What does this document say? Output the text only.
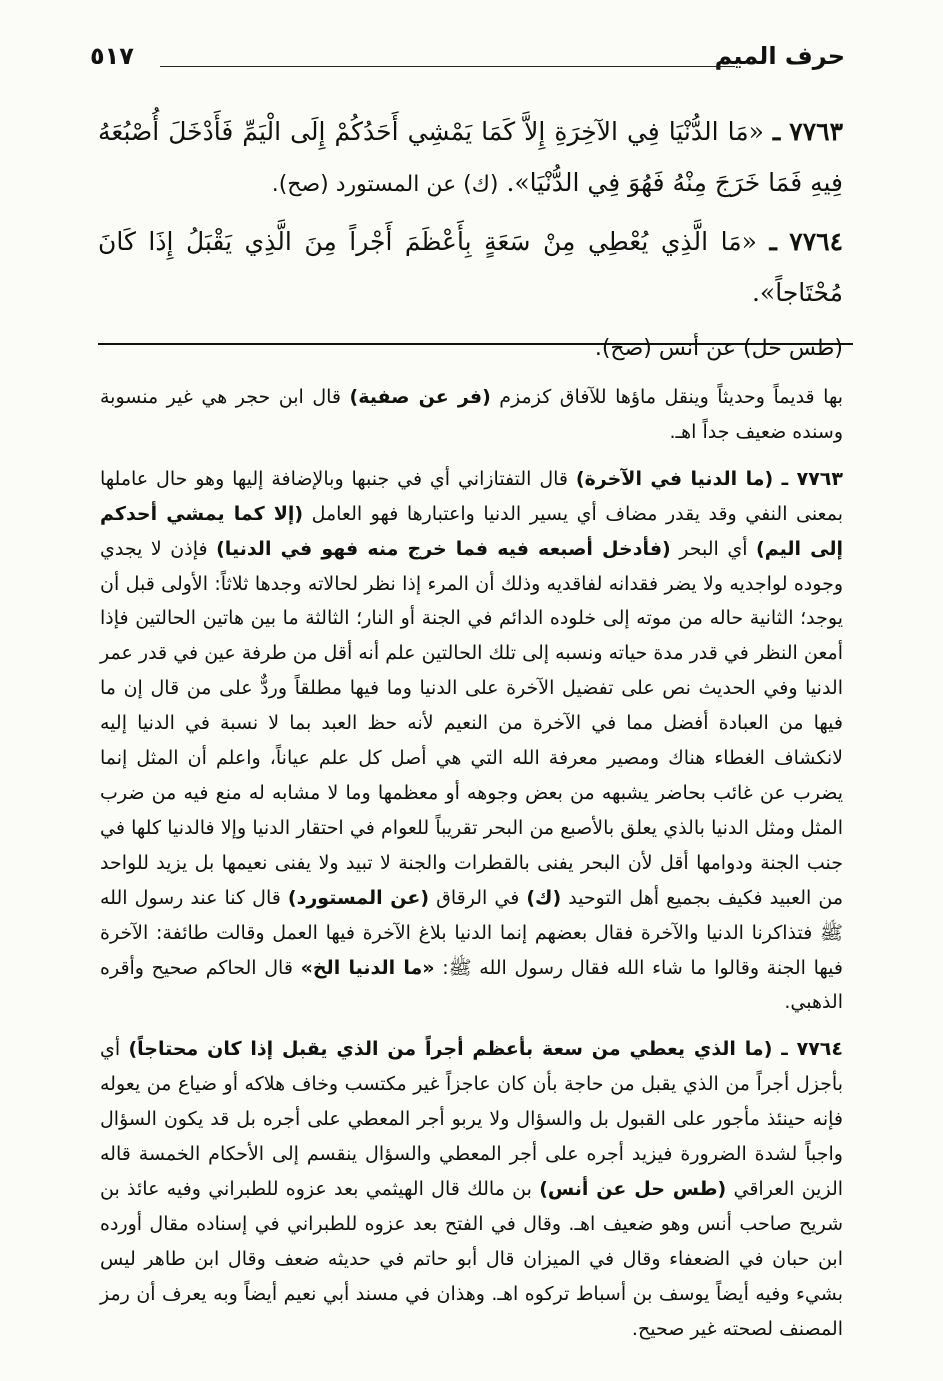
حرف الميم
٥١٧

٧٧٦٣ ـ «مَا الدُّنْيَا فِي الآخِرَةِ إِلاَّ كَمَا يَمْشِي أَحَدُكُمْ إِلَى الْيَمِّ فَأَدْخَلَ أُصْبُعَهُ فِيهِ فَمَا خَرَجَ مِنْهُ فَهُوَ فِي الدُّنْيَا». (ك) عن المستورد (صح).

٧٧٦٤ ـ «مَا الَّذِي يُعْطِي مِنْ سَعَةٍ بِأَعْظَمَ أَجْراً مِنَ الَّذِي يَقْبَلُ إِذَا كَانَ مُحْتَاجاً».

(طس حل) عن أنس (صح).

بها قديماً وحديثاً وينقل ماؤها للآفاق كزمزم (فر عن صفية) قال ابن حجر هي غير منسوبة وسنده ضعيف جداً اهـ.

٧٧٦٣ ـ (ما الدنيا في الآخرة) قال التفتازاني أي في جنبها وبالإضافة إليها وهو حال عاملها بمعنى النفي وقد يقدر مضاف أي يسير الدنيا واعتبارها فهو العامل (إلا كما يمشي أحدكم إلى اليم) أي البحر (فأدخل أصبعه فيه فما خرج منه فهو في الدنيا) فإذن لا يجدي وجوده لواجديه ولا يضر فقدانه لفاقديه وذلك أن المرء إذا نظر لحالاته وجدها ثلاثاً: الأولى قبل أن يوجد؛ الثانية حاله من موته إلى خلوده الدائم في الجنة أو النار؛ الثالثة ما بين هاتين الحالتين فإذا أمعن النظر في قدر مدة حياته ونسبه إلى تلك الحالتين علم أنه أقل من طرفة عين في قدر عمر الدنيا وفي الحديث نص على تفضيل الآخرة على الدنيا وما فيها مطلقاً وردٌّ على من قال إن ما فيها من العبادة أفضل مما في الآخرة من النعيم لأنه حظ العبد بما لا نسبة في الدنيا إليه لانكشاف الغطاء هناك ومصير معرفة الله التي هي أصل كل علم عياناً، واعلم أن المثل إنما يضرب عن غائب بحاضر يشبهه من بعض وجوهه أو معظمها وما لا مشابه له منع فيه من ضرب المثل ومثل الدنيا بالذي يعلق بالأصبع من البحر تقريباً للعوام في احتقار الدنيا وإلا فالدنيا كلها في جنب الجنة ودوامها أقل لأن البحر يفنى بالقطرات والجنة لا تبيد ولا يفنى نعيمها بل يزيد للواحد من العبيد فكيف بجميع أهل التوحيد (ك) في الرقاق (عن المستورد) قال كنا عند رسول الله ﷺ فتذاكرنا الدنيا والآخرة فقال بعضهم إنما الدنيا بلاغ الآخرة فيها العمل وقالت طائفة: الآخرة فيها الجنة وقالوا ما شاء الله فقال رسول الله ﷺ: «ما الدنيا الخ» قال الحاكم صحيح وأقره الذهبي.

٧٧٦٤ ـ (ما الذي يعطي من سعة بأعظم أجراً من الذي يقبل إذا كان محتاجاً) أي بأجزل أجراً من الذي يقبل من حاجة بأن كان عاجزاً غير مكتسب وخاف هلاكه أو ضياع من يعوله فإنه حينئذ مأجور على القبول بل والسؤال ولا يربو أجر المعطي على أجره بل قد يكون السؤال واجباً لشدة الضرورة فيزيد أجره على أجر المعطي والسؤال ينقسم إلى الأحكام الخمسة قاله الزين العراقي (طس حل عن أنس) بن مالك قال الهيثمي بعد عزوه للطبراني وفيه عائذ بن شريح صاحب أنس وهو ضعيف اهـ. وقال في الفتح بعد عزوه للطبراني في إسناده مقال أورده ابن حبان في الضعفاء وقال في الميزان قال أبو حاتم في حديثه ضعف وقال ابن طاهر ليس بشيء وفيه أيضاً يوسف بن أسباط تركوه اهـ. وهذان في مسند أبي نعيم أيضاً وبه يعرف أن رمز المصنف لصحته غير صحيح.
